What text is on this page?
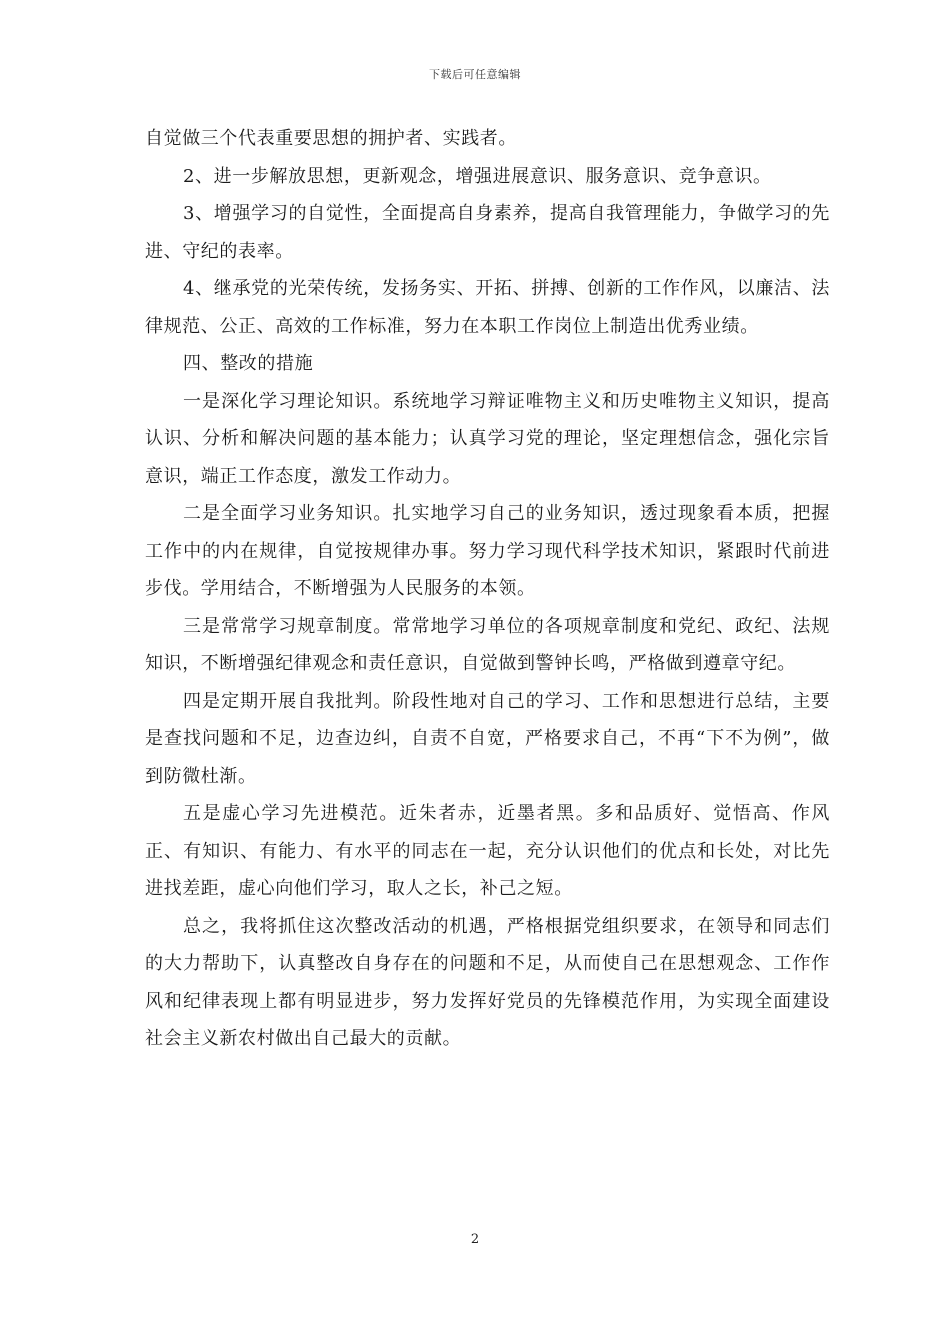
下载后可任意编辑

自觉做三个代表重要思想的拥护者、实践者。

2、进一步解放思想，更新观念，增强进展意识、服务意识、竞争意识。

3、增强学习的自觉性，全面提高自身素养，提高自我管理能力，争做学习的先进、守纪的表率。

4、继承党的光荣传统，发扬务实、开拓、拼搏、创新的工作作风，以廉洁、法律规范、公正、高效的工作标准，努力在本职工作岗位上制造出优秀业绩。

四、整改的措施

一是深化学习理论知识。系统地学习辩证唯物主义和历史唯物主义知识，提高认识、分析和解决问题的基本能力；认真学习党的理论，坚定理想信念，强化宗旨意识，端正工作态度，激发工作动力。

二是全面学习业务知识。扎实地学习自己的业务知识，透过现象看本质，把握工作中的内在规律，自觉按规律办事。努力学习现代科学技术知识，紧跟时代前进步伐。学用结合，不断增强为人民服务的本领。

三是常常学习规章制度。常常地学习单位的各项规章制度和党纪、政纪、法规知识，不断增强纪律观念和责任意识，自觉做到警钟长鸣，严格做到遵章守纪。

四是定期开展自我批判。阶段性地对自己的学习、工作和思想进行总结，主要是查找问题和不足，边查边纠，自责不自宽，严格要求自己，不再“下不为例”，做到防微杜渐。

五是虚心学习先进模范。近朱者赤，近墨者黑。多和品质好、觉悟高、作风正、有知识、有能力、有水平的同志在一起，充分认识他们的优点和长处，对比先进找差距，虚心向他们学习，取人之长，补己之短。

总之，我将抓住这次整改活动的机遇，严格根据党组织要求，在领导和同志们的大力帮助下，认真整改自身存在的问题和不足，从而使自己在思想观念、工作作风和纪律表现上都有明显进步，努力发挥好党员的先锋模范作用，为实现全面建设社会主义新农村做出自己最大的贡献。

2
